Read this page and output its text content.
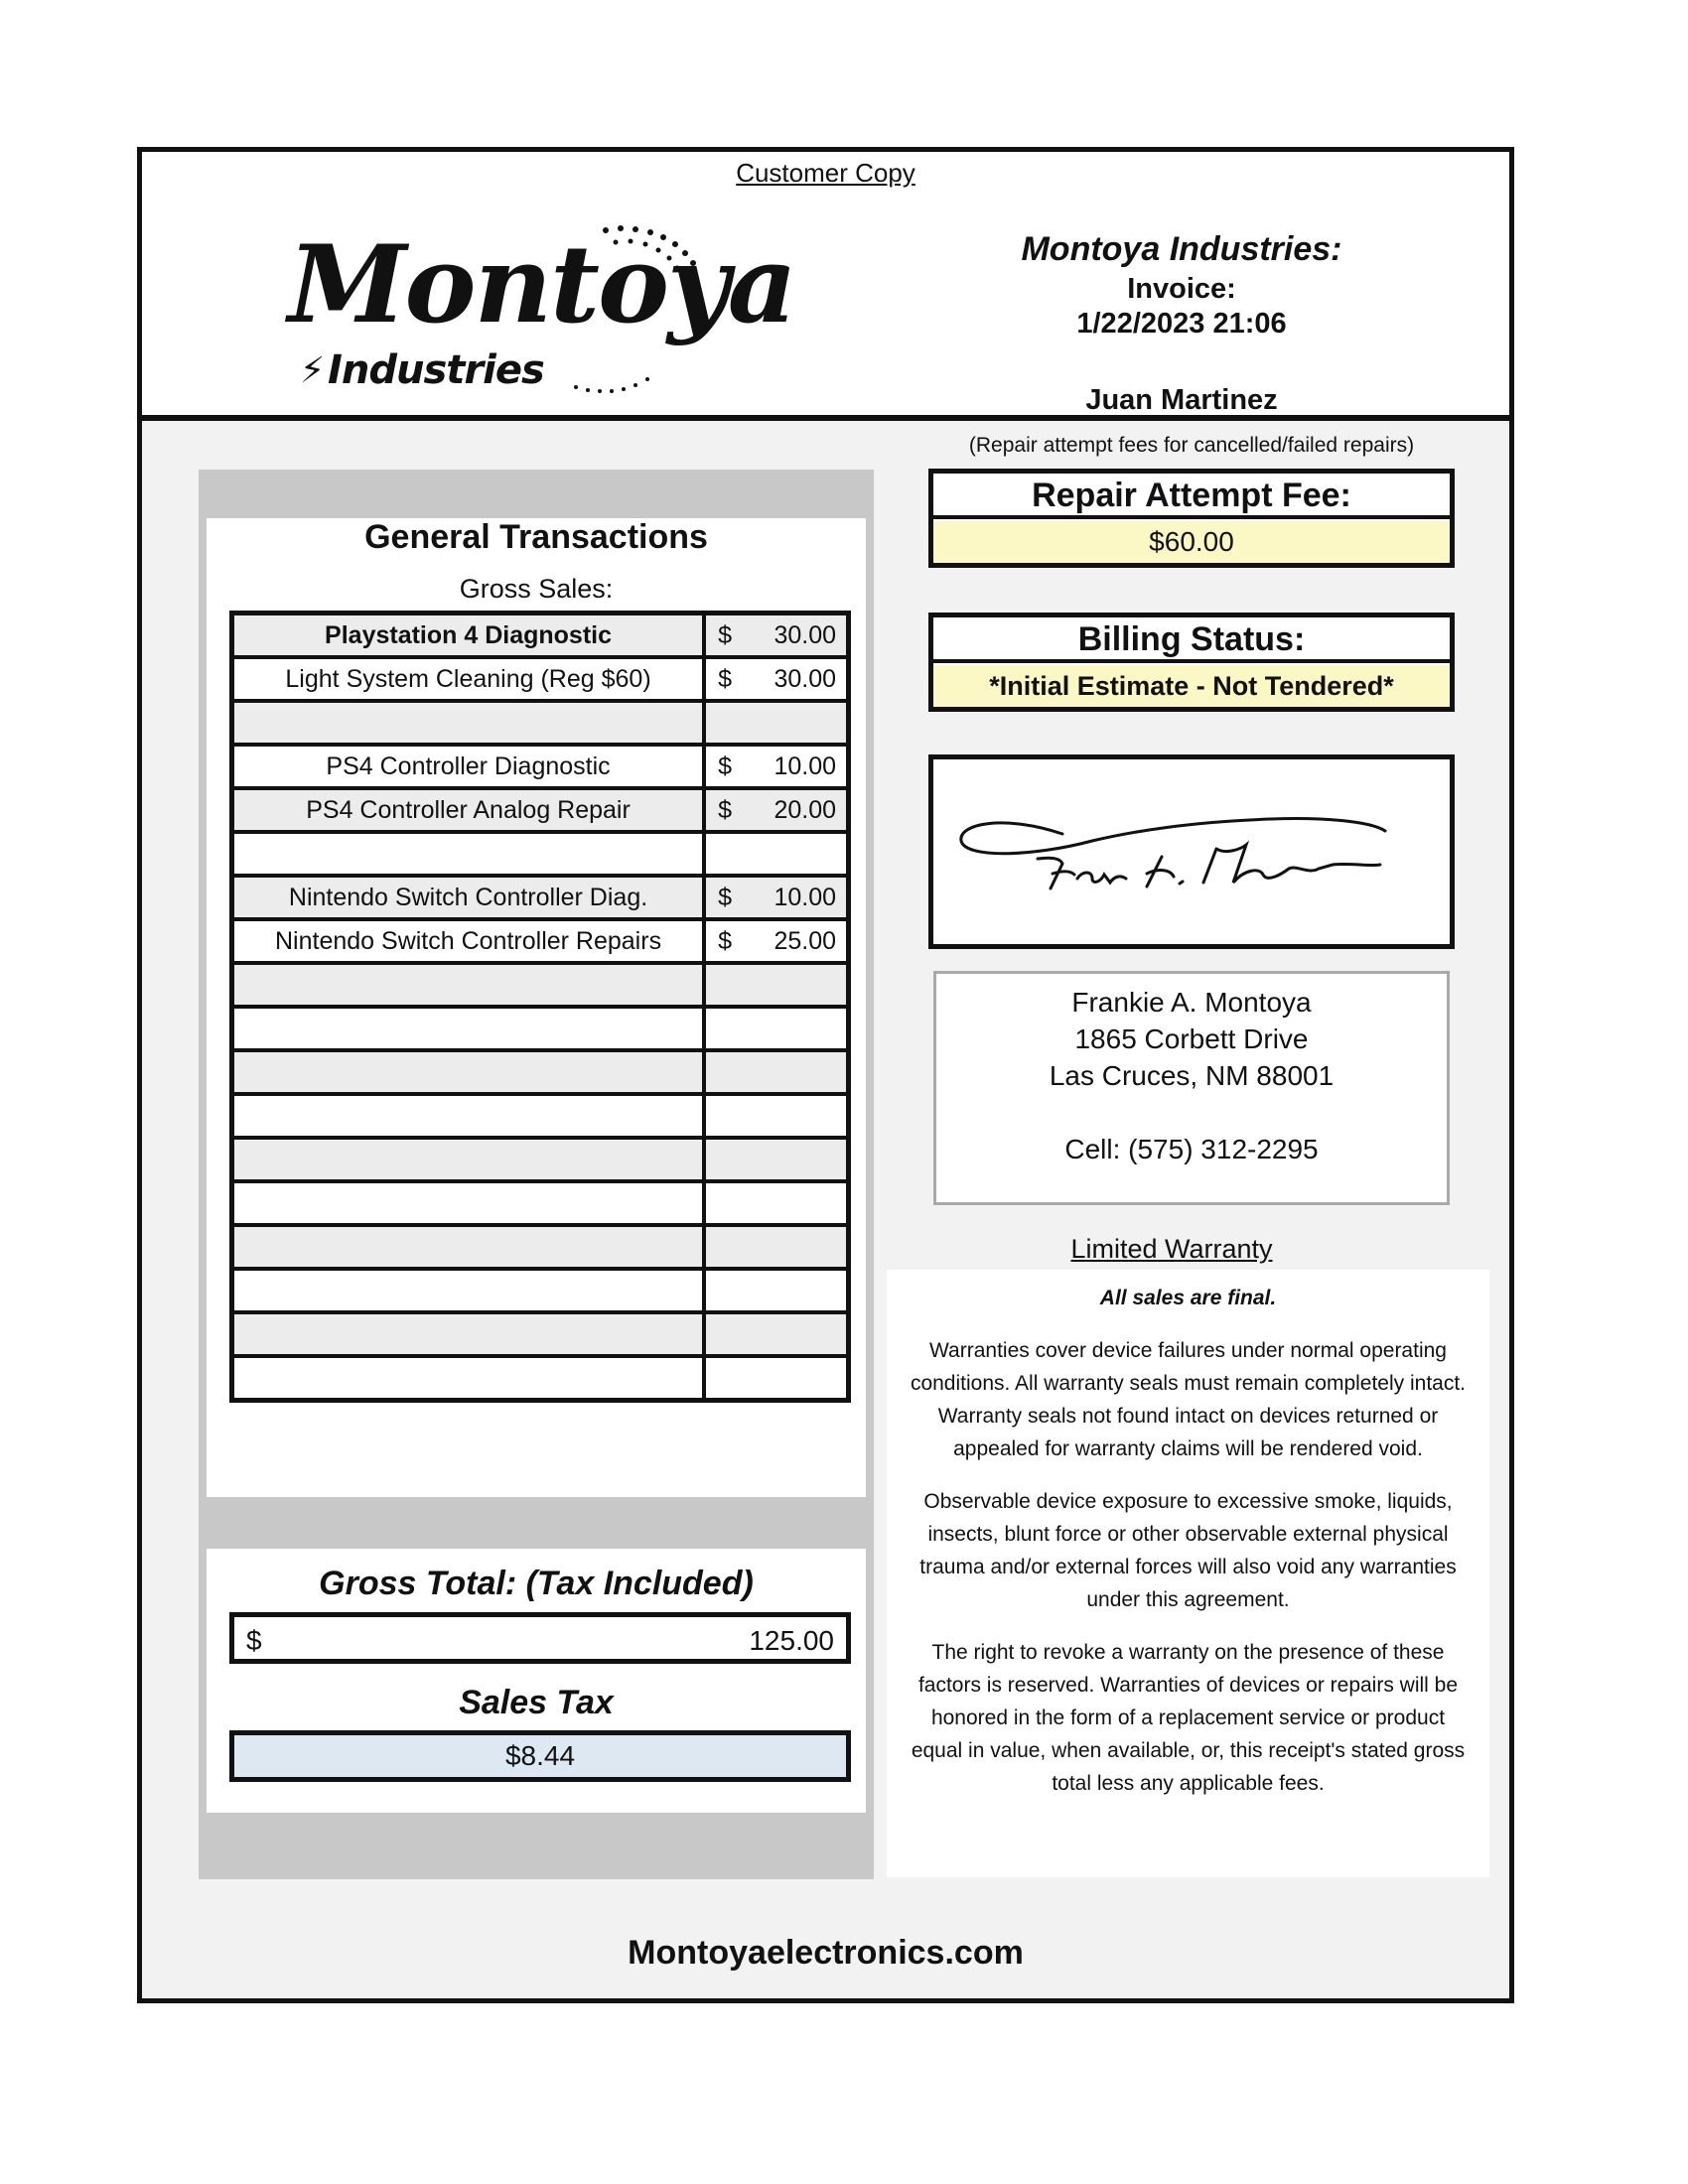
Customer Copy
Montoya
⚡ Industries
Montoya Industries:
Invoice:
1/22/2023 21:06
Juan Martinez
General Transactions
Gross Sales:
Playstation 4 Diagnostic	$ 30.00

Light System Cleaning (Reg $60)	$ 30.00

PS4 Controller Diagnostic	$ 10.00

PS4 Controller Analog Repair	$ 20.00

Nintendo Switch Controller Diag.	$ 10.00

Nintendo Switch Controller Repairs	$ 25.00

Gross Total: (Tax Included)
$	125.00
Sales Tax
$8.44
(Repair attempt fees for cancelled/failed repairs)
Repair Attempt Fee:
$60.00
Billing Status:
*Initial Estimate - Not Tendered*
Frankie A. Montoya
1865 Corbett Drive
Las Cruces, NM 88001
Cell: (575) 312-2295
Limited Warranty

All sales are final.

Warranties cover device failures under normal operating conditions. All warranty seals must remain completely intact. Warranty seals not found intact on devices returned or appealed for warranty claims will be rendered void.

Observable device exposure to excessive smoke, liquids, insects, blunt force or other observable external physical trauma and/or external forces will also void any warranties under this agreement.

The right to revoke a warranty on the presence of these factors is reserved. Warranties of devices or repairs will be honored in the form of a replacement service or product equal in value, when available, or, this receipt's stated gross total less any applicable fees.

Montoyaelectronics.com
